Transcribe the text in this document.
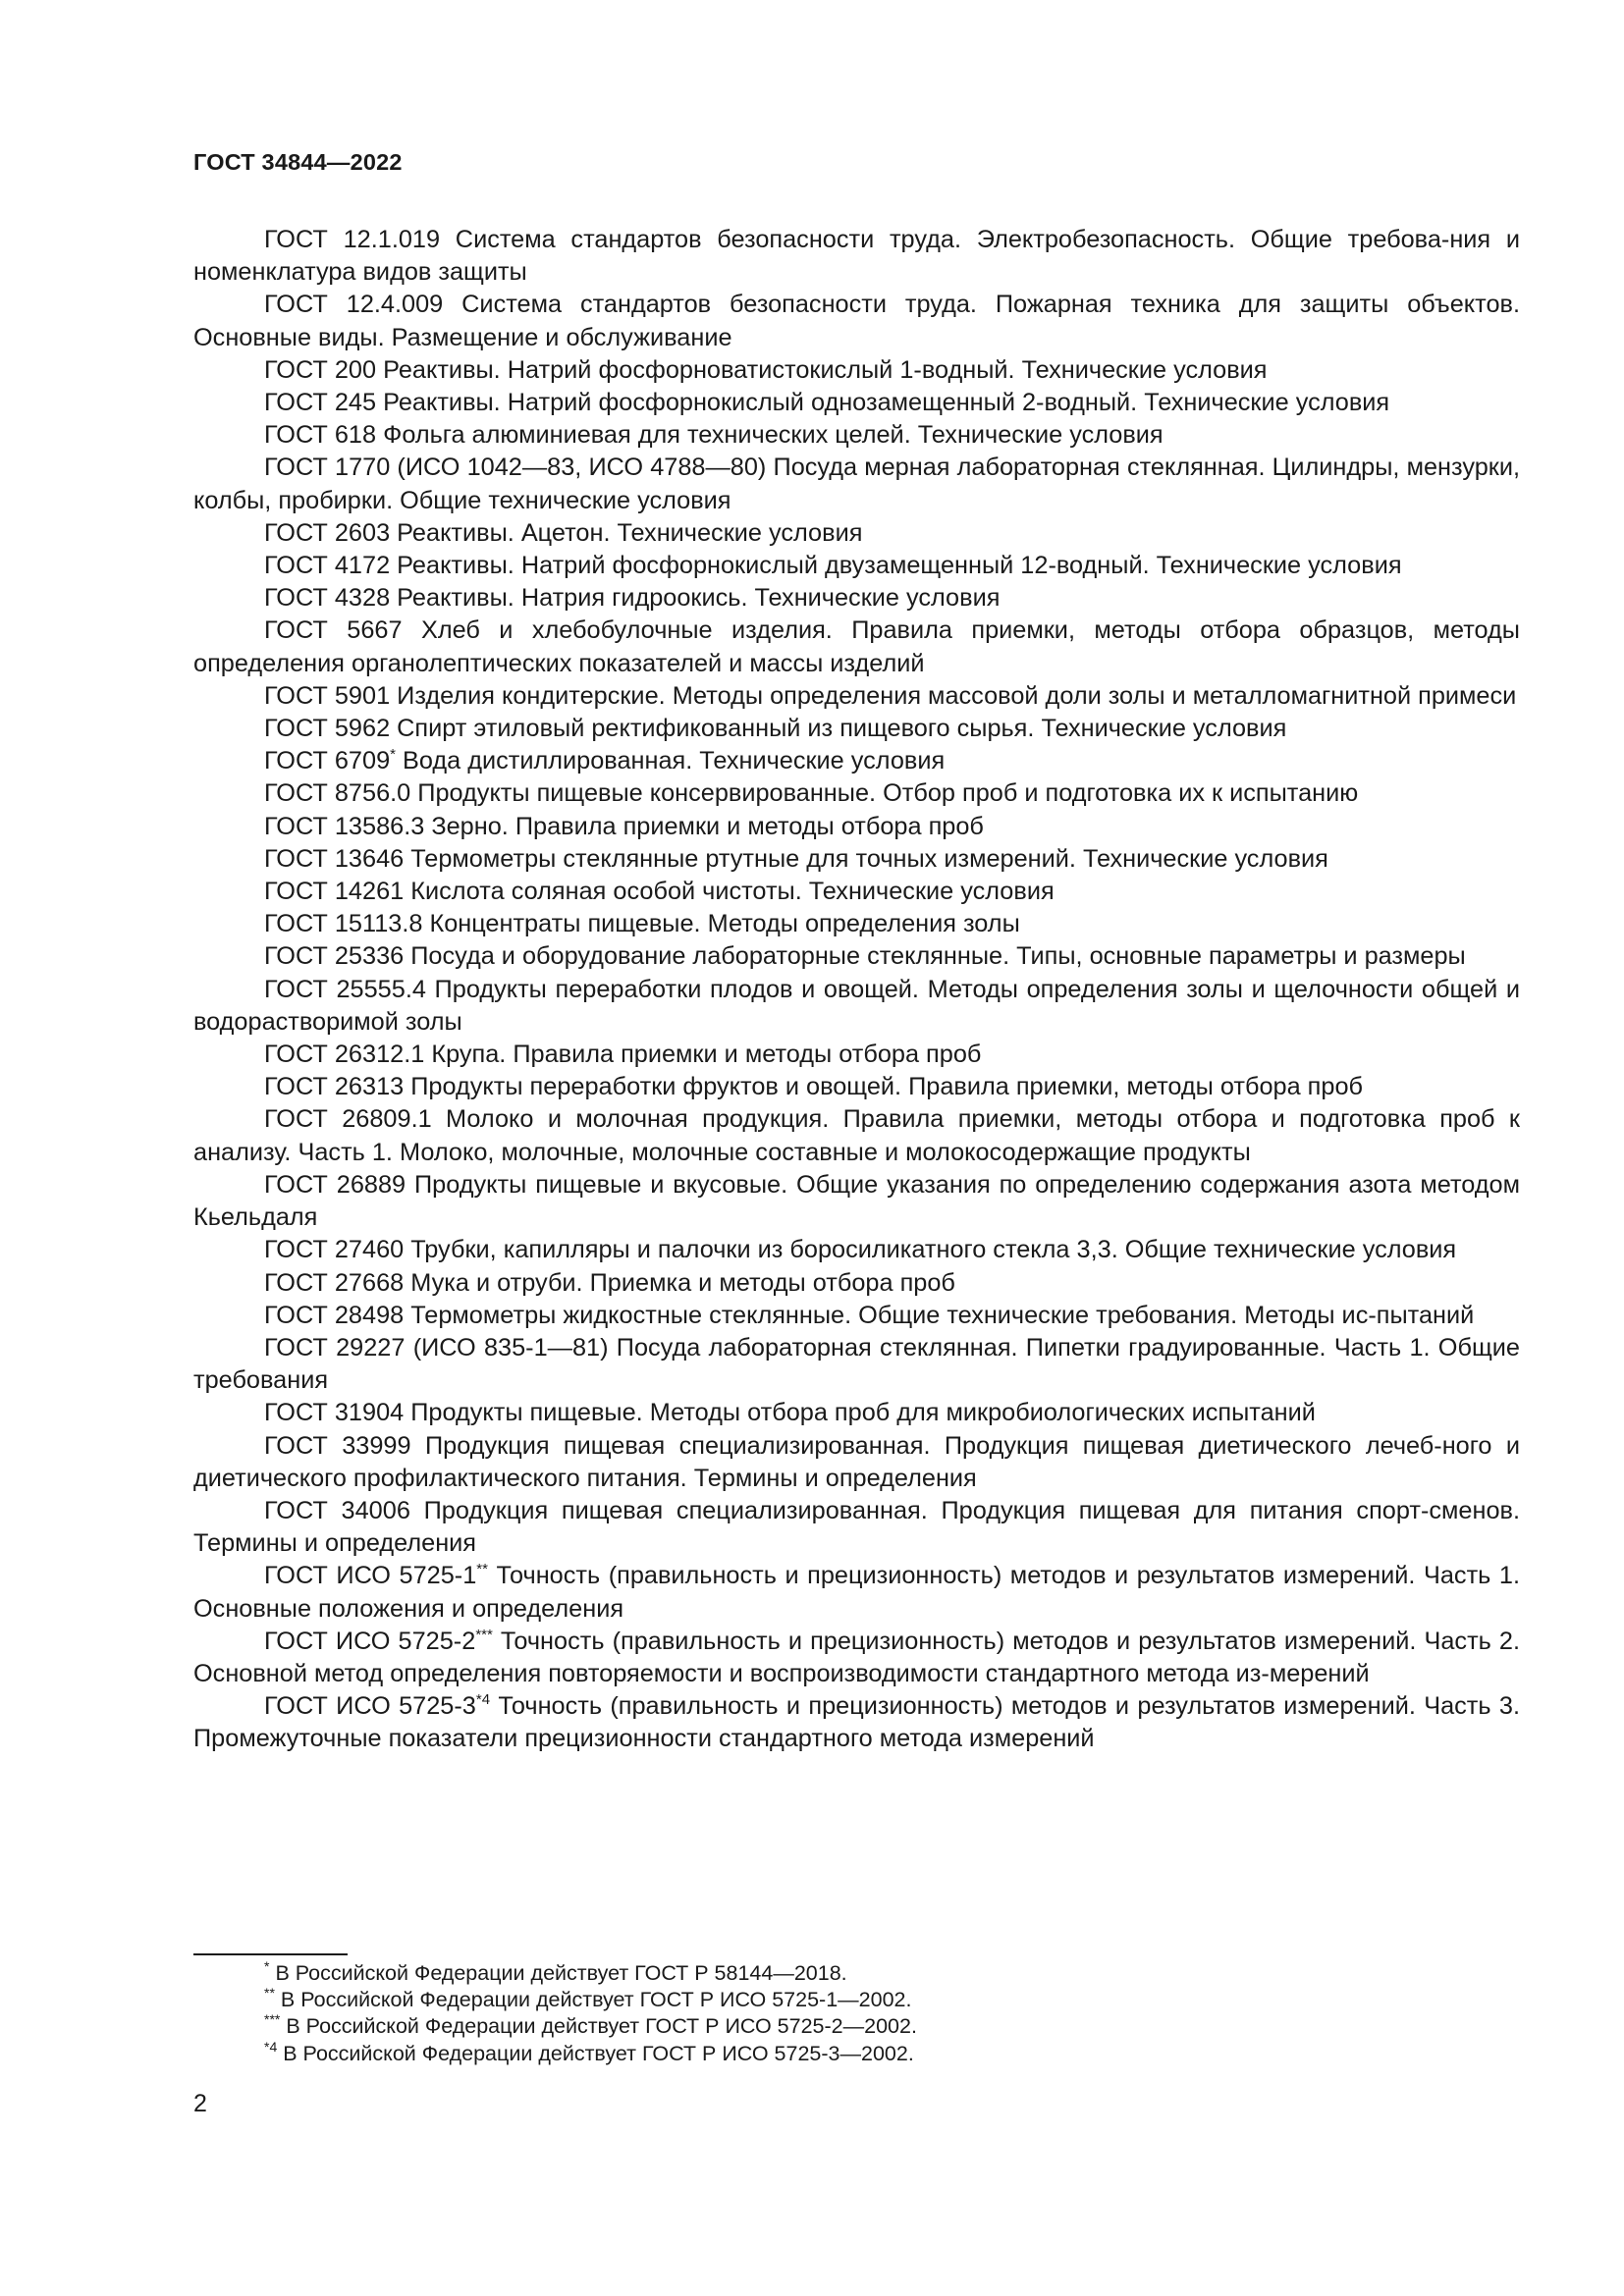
ГОСТ 34844—2022

ГОСТ 12.1.019 Система стандартов безопасности труда. Электробезопасность. Общие требова-ния и номенклатура видов защиты

ГОСТ 12.4.009 Система стандартов безопасности труда. Пожарная техника для защиты объектов. Основные виды. Размещение и обслуживание

ГОСТ 200 Реактивы. Натрий фосфорноватистокислый 1-водный. Технические условия

ГОСТ 245 Реактивы. Натрий фосфорнокислый однозамещенный 2-водный. Технические условия

ГОСТ 618 Фольга алюминиевая для технических целей. Технические условия

ГОСТ 1770 (ИСО 1042—83, ИСО 4788—80) Посуда мерная лабораторная стеклянная. Цилиндры, мензурки, колбы, пробирки. Общие технические условия

ГОСТ 2603 Реактивы. Ацетон. Технические условия

ГОСТ 4172 Реактивы. Натрий фосфорнокислый двузамещенный 12-водный. Технические условия

ГОСТ 4328 Реактивы. Натрия гидроокись. Технические условия

ГОСТ 5667 Хлеб и хлебобулочные изделия. Правила приемки, методы отбора образцов, методы определения органолептических показателей и массы изделий

ГОСТ 5901 Изделия кондитерские. Методы определения массовой доли золы и металломагнитной примеси

ГОСТ 5962 Спирт этиловый ректификованный из пищевого сырья. Технические условия

ГОСТ 6709* Вода дистиллированная. Технические условия

ГОСТ 8756.0 Продукты пищевые консервированные. Отбор проб и подготовка их к испытанию

ГОСТ 13586.3 Зерно. Правила приемки и методы отбора проб

ГОСТ 13646 Термометры стеклянные ртутные для точных измерений. Технические условия

ГОСТ 14261 Кислота соляная особой чистоты. Технические условия

ГОСТ 15113.8 Концентраты пищевые. Методы определения золы

ГОСТ 25336 Посуда и оборудование лабораторные стеклянные. Типы, основные параметры и размеры

ГОСТ 25555.4 Продукты переработки плодов и овощей. Методы определения золы и щелочности общей и водорастворимой золы

ГОСТ 26312.1 Крупа. Правила приемки и методы отбора проб

ГОСТ 26313 Продукты переработки фруктов и овощей. Правила приемки, методы отбора проб

ГОСТ 26809.1 Молоко и молочная продукция. Правила приемки, методы отбора и подготовка проб к анализу. Часть 1. Молоко, молочные, молочные составные и молокосодержащие продукты

ГОСТ 26889 Продукты пищевые и вкусовые. Общие указания по определению содержания азота методом Кьельдаля

ГОСТ 27460 Трубки, капилляры и палочки из боросиликатного стекла 3,3. Общие технические условия

ГОСТ 27668 Мука и отруби. Приемка и методы отбора проб

ГОСТ 28498 Термометры жидкостные стеклянные. Общие технические требования. Методы ис-пытаний

ГОСТ 29227 (ИСО 835-1—81) Посуда лабораторная стеклянная. Пипетки градуированные. Часть 1. Общие требования

ГОСТ 31904 Продукты пищевые. Методы отбора проб для микробиологических испытаний

ГОСТ 33999 Продукция пищевая специализированная. Продукция пищевая диетического лечеб-ного и диетического профилактического питания. Термины и определения

ГОСТ 34006 Продукция пищевая специализированная. Продукция пищевая для питания спорт-сменов. Термины и определения

ГОСТ ИСО 5725-1** Точность (правильность и прецизионность) методов и результатов измерений. Часть 1. Основные положения и определения

ГОСТ ИСО 5725-2*** Точность (правильность и прецизионность) методов и результатов измерений. Часть 2. Основной метод определения повторяемости и воспроизводимости стандартного метода из-мерений

ГОСТ ИСО 5725-3$^{*4}$ Точность (правильность и прецизионность) методов и результатов измерений. Часть 3. Промежуточные показатели прецизионности стандартного метода измерений

* В Российской Федерации действует ГОСТ Р 58144—2018.

** В Российской Федерации действует ГОСТ Р ИСО 5725-1—2002.

*** В Российской Федерации действует ГОСТ Р ИСО 5725-2—2002.

$^{*4}$ В Российской Федерации действует ГОСТ Р ИСО 5725-3—2002.

2
